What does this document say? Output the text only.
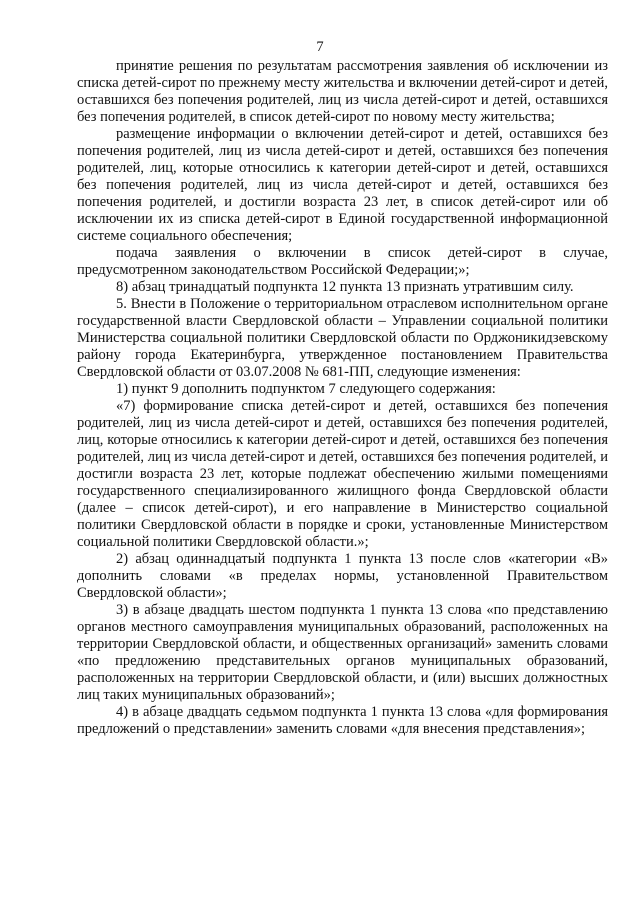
7

принятие решения по результатам рассмотрения заявления об исключении из списка детей-сирот по прежнему месту жительства и включении детей-сирот и детей, оставшихся без попечения родителей, лиц из числа детей-сирот и детей, оставшихся без попечения родителей, в список детей-сирот по новому месту жительства;

размещение информации о включении детей-сирот и детей, оставшихся без попечения родителей, лиц из числа детей-сирот и детей, оставшихся без попечения родителей, лиц, которые относились к категории детей-сирот и детей, оставшихся без попечения родителей, лиц из числа детей-сирот и детей, оставшихся без попечения родителей, и достигли возраста 23 лет, в список детей-сирот или об исключении их из списка детей-сирот в Единой государственной информационной системе социального обеспечения;

подача заявления о включении в список детей-сирот в случае, предусмотренном законодательством Российской Федерации;»;

8) абзац тринадцатый подпункта 12 пункта 13 признать утратившим силу.

5. Внести в Положение о территориальном отраслевом исполнительном органе государственной власти Свердловской области – Управлении социальной политики Министерства социальной политики Свердловской области по Орджоникидзевскому району города Екатеринбурга, утвержденное постановлением Правительства Свердловской области от 03.07.2008 № 681-ПП, следующие изменения:

1) пункт 9 дополнить подпунктом 7 следующего содержания:

«7) формирование списка детей-сирот и детей, оставшихся без попечения родителей, лиц из числа детей-сирот и детей, оставшихся без попечения родителей, лиц, которые относились к категории детей-сирот и детей, оставшихся без попечения родителей, лиц из числа детей-сирот и детей, оставшихся без попечения родителей, и достигли возраста 23 лет, которые подлежат обеспечению жилыми помещениями государственного специализированного жилищного фонда Свердловской области (далее – список детей-сирот), и его направление в Министерство социальной политики Свердловской области в порядке и сроки, установленные Министерством социальной политики Свердловской области.»;

2) абзац одиннадцатый подпункта 1 пункта 13 после слов «категории «В» дополнить словами «в пределах нормы, установленной Правительством Свердловской области»;

3) в абзаце двадцать шестом подпункта 1 пункта 13 слова «по представлению органов местного самоуправления муниципальных образований, расположенных на территории Свердловской области, и общественных организаций» заменить словами «по предложению представительных органов муниципальных образований, расположенных на территории Свердловской области, и (или) высших должностных лиц таких муниципальных образований»;

4) в абзаце двадцать седьмом подпункта 1 пункта 13 слова «для формирования предложений о представлении» заменить словами «для внесения представления»;
